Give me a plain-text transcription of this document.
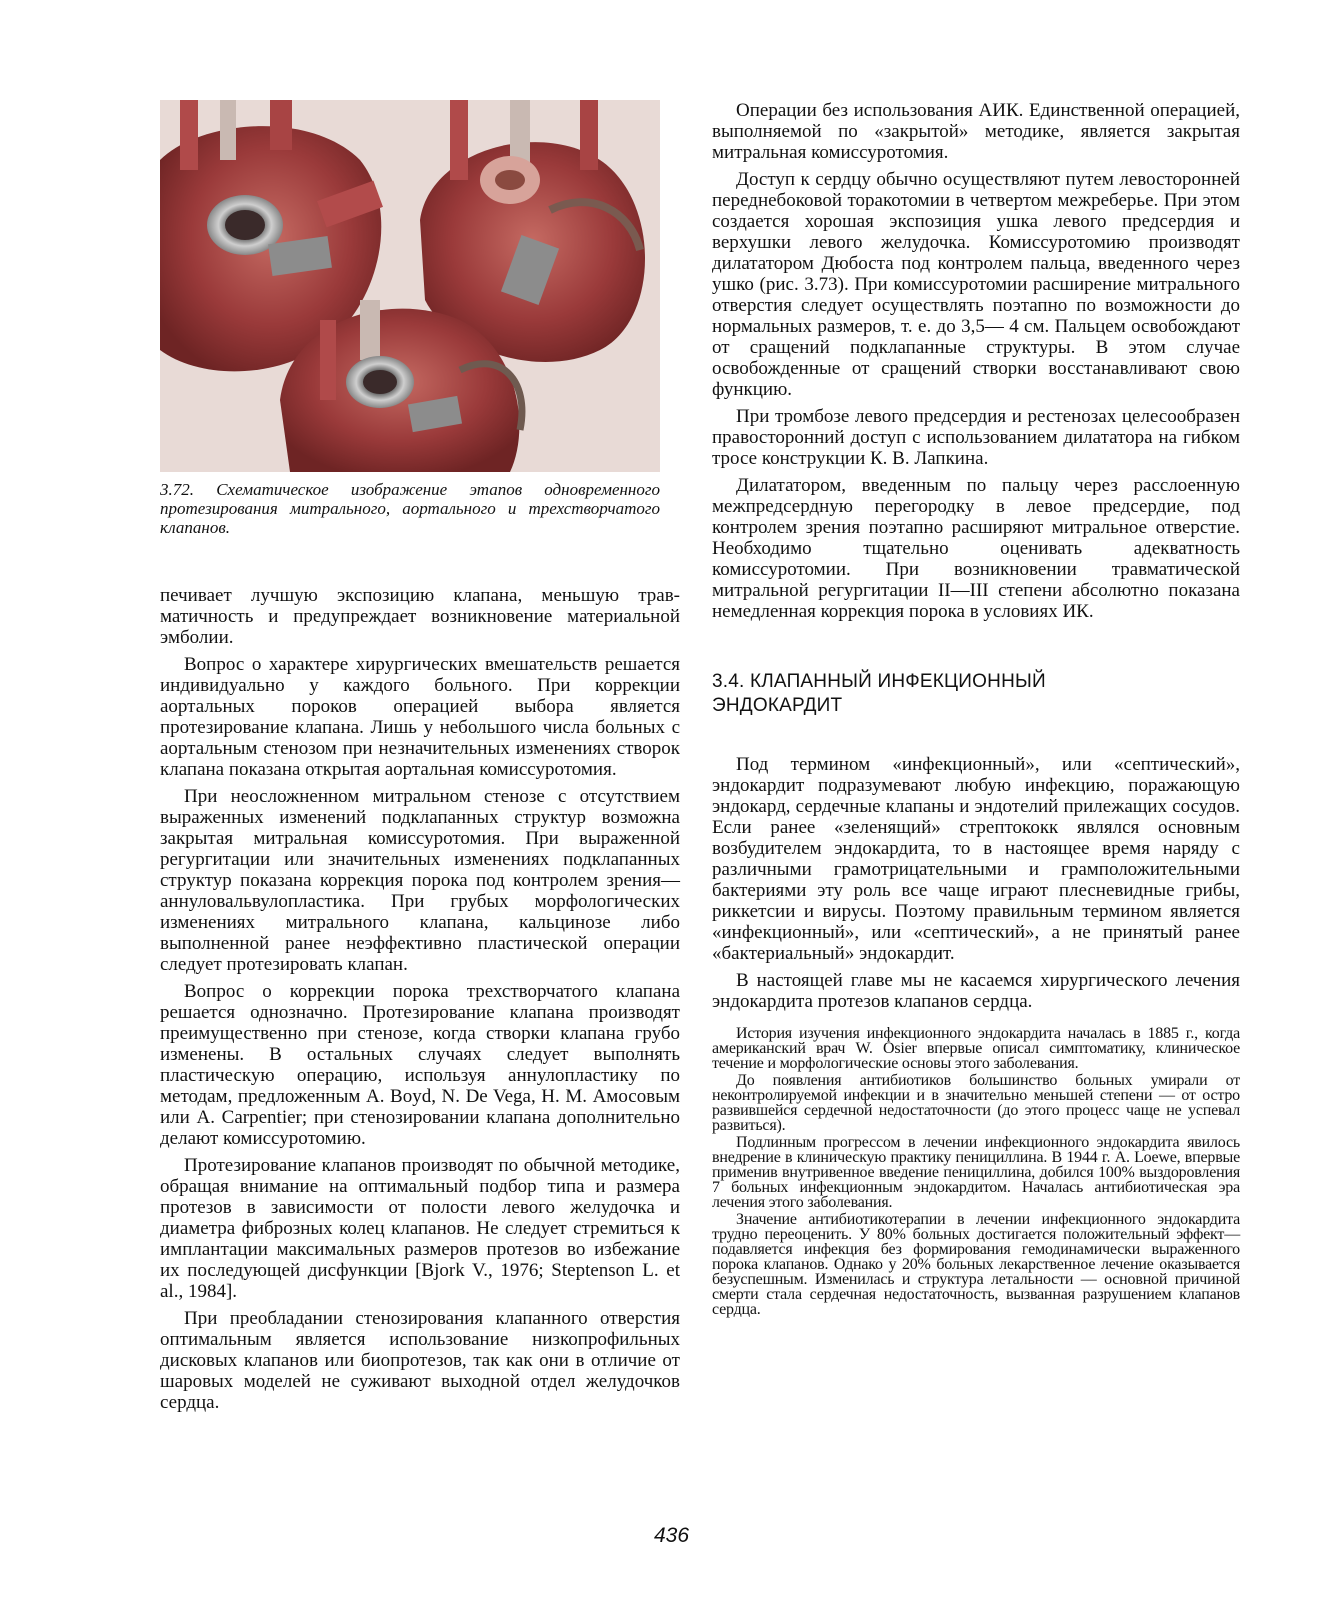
3.72. Схематическое изображение этапов одновременного протезирования митрального, аортального и трехстворчатого клапанов.

печивает лучшую экспозицию клапана, меньшую травматичность и предупреждает возникновение материальной эмболии.

Вопрос о характере хирургических вмешательств решается индивидуально у каждого больного. При коррекции аортальных пороков операцией выбора является протезирование клапана. Лишь у небольшого числа больных с аортальным стенозом при незначительных изменениях створок клапана показана открытая аортальная комиссуротомия.

При неосложненном митральном стенозе с отсутствием выраженных изменений подклапанных структур возможна закрытая митральная комиссуротомия. При выраженной регургитации или значительных изменениях подклапанных структур показана коррекция порока под контролем зрения— аннуловальвулопластика. При грубых морфологических изменениях митрального клапана, кальцинозе либо выполненной ранее неэффективно пластической операции следует протезировать клапан.

Вопрос о коррекции порока трехстворчатого клапана решается однозначно. Протезирование клапана производят преимущественно при стенозе, когда створки клапана грубо изменены. В остальных случаях следует выполнять пластическую операцию, используя аннулопластику по методам, предложенным A. Boyd, N. De Vega, Н. М. Амосовым или А. Carpentier; при стенозировании клапана дополнительно делают комиссуротомию.

Протезирование клапанов производят по обычной методике, обращая внимание на оптимальный подбор типа и размера протезов в зависимости от полости левого желудочка и диаметра фиброзных колец клапанов. Не следует стремиться к имплантации максимальных размеров протезов во избежание их последующей дисфункции [Bjork V., 1976; Steptenson L. et al., 1984].

При преобладании стенозирования клапанного отверстия оптимальным является использование низкопрофильных дисковых клапанов или биопротезов, так как они в отличие от шаровых моделей не суживают выходной отдел желудочков сердца.

Операции без использования АИК. Единственной операцией, выполняемой по «закрытой» методике, является закрытая митральная комиссуротомия.

Доступ к сердцу обычно осуществляют путем левосторонней переднебоковой торакотомии в четвертом межреберье. При этом создается хорошая экспозиция ушка левого предсердия и верхушки левого желудочка. Комиссуротомию производят дилататором Дюбоста под контролем пальца, введенного через ушко (рис. 3.73). При комиссуротомии расширение митрального отверстия следует осуществлять поэтапно по возможности до нормальных размеров, т. е. до 3,5— 4 см. Пальцем освобождают от сращений подклапанные структуры. В этом случае освобожденные от сращений створки восстанавливают свою функцию.

При тромбозе левого предсердия и рестенозах целесообразен правосторонний доступ с использованием дилататора на гибком тросе конструкции К. В. Лапкина.

Дилататором, введенным по пальцу через расслоенную межпредсердную перегородку в левое предсердие, под контролем зрения поэтапно расширяют митральное отверстие. Необходимо тщательно оценивать адекватность комиссуротомии. При возникновении травматической митральной регургитации II—III степени абсолютно показана немедленная коррекция порока в условиях ИК.

3.4. КЛАПАННЫЙ ИНФЕКЦИОННЫЙ
ЭНДОКАРДИТ

Под термином «инфекционный», или «септический», эндокардит подразумевают любую инфекцию, поражающую эндокард, сердечные клапаны и эндотелий прилежащих сосудов. Если ранее «зеленящий» стрептококк являлся основным возбудителем эндокардита, то в настоящее время наряду с различными грамотрицательными и грамположительными бактериями эту роль все чаще играют плесневидные грибы, риккетсии и вирусы. Поэтому правильным термином является «инфекционный», или «септический», а не принятый ранее «бактериальный» эндокардит.

В настоящей главе мы не касаемся хирургического лечения эндокардита протезов клапанов сердца.

История изучения инфекционного эндокардита началась в 1885 г., когда американский врач W. Osier впервые описал симптоматику, клиническое течение и морфологические основы этого заболевания.

До появления антибиотиков большинство больных умирали от неконтролируемой инфекции и в значительно меньшей степени — от остро развившейся сердечной недостаточности (до этого процесс чаще не успевал развиться).

Подлинным прогрессом в лечении инфекционного эндокардита явилось внедрение в клиническую практику пенициллина. В 1944 г. A. Loewe, впервые применив внутривенное введение пенициллина, добился 100% выздоровления 7 больных инфекционным эндокардитом. Началась антибиотическая эра лечения этого заболевания.

Значение антибиотикотерапии в лечении инфекционного эндокардита трудно переоценить. У 80% больных достигается положительный эффект—подавляется инфекция без формирования гемодинамически выраженного порока клапанов. Однако у 20% больных лекарственное лечение оказывается безуспешным. Изменилась и структура летальности — основной причиной смерти стала сердечная недостаточность, вызванная разрушением клапанов сердца.

436
